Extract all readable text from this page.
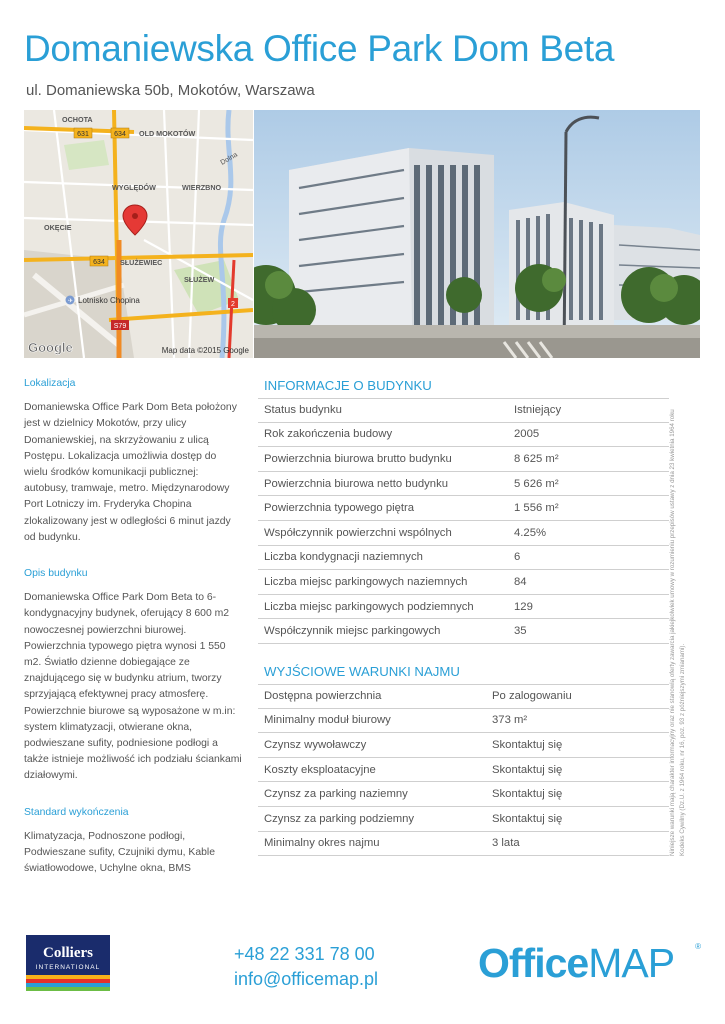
Domaniewska Office Park Dom Beta
ul. Domaniewska 50b, Mokotów, Warszawa
631	634
634
2
S79
OCHOTA
OLD MOKOTÓW
WYGLĘDÓW	WIERZBNO
OKĘCIE
SŁUŻEWIEC
SŁUŻEW
Dolna
✈ Lotnisko Chopina
Google	Map data ©2015 Google
Lokalizacja
Domaniewska Office Park Dom Beta położony jest w dzielnicy Mokotów, przy ulicy Domaniewskiej, na skrzyżowaniu z ulicą Postępu. Lokalizacja umożliwia dostęp do wielu środków komunikacji publicznej: autobusy, tramwaje, metro. Międzynarodowy Port Lotniczy im. Fryderyka Chopina zlokalizowany jest w odległości 6 minut jazdy od budynku.
Opis budynku
Domaniewska Office Park Dom Beta to 6-kondygnacyjny budynek, oferujący 8 600 m2 nowoczesnej powierzchni biurowej. Powierzchnia typowego piętra wynosi 1 550 m2. Światło dzienne dobiegające ze znajdującego się w budynku atrium, tworzy sprzyjającą efektywnej pracy atmosferę. Powierzchnie biurowe są wyposażone w m.in: system klimatyzacji, otwierane okna, podwieszane sufity, podniesione podłogi a także istnieje możliwość ich podziału ściankami działowymi.
Standard wykończenia
Klimatyzacja, Podnoszone podłogi, Podwieszane sufity, Czujniki dymu, Kable światłowodowe, Uchylne okna, BMS
INFORMACJE O BUDYNKU
Status budynku	Istniejący
Rok zakończenia budowy	2005
Powierzchnia biurowa brutto budynku	8 625 m²
Powierzchnia biurowa netto budynku	5 626 m²
Powierzchnia typowego piętra	1 556 m²
Współczynnik powierzchni wspólnych	4.25%
Liczba kondygnacji naziemnych	6
Liczba miejsc parkingowych naziemnych	84
Liczba miejsc parkingowych podziemnych	129
Współczynnik miejsc parkingowych	35
WYJŚCIOWE WARUNKI NAJMU
Dostępna powierzchnia	Po zalogowaniu
Minimalny moduł biurowy	373 m²
Czynsz wywoławczy	Skontaktuj się
Koszty eksploatacyjne	Skontaktuj się
Czynsz za parking naziemny	Skontaktuj się
Czynsz za parking podziemny	Skontaktuj się
Minimalny okres najmu	3 lata	Niniejsze warunki mają charakter informacyjny oraz nie stanowią oferty zawarcia jakiejkolwiek umowy w rozumieniu przepisów ustawy z dnia 23 kwietnia 1964 roku Kodeks Cywilny (Dz.U. z 1964 roku, nr 16, poz. 93 z późniejszymi zmianami).
Colliers
INTERNATIONAL
+48 22 331 78 00
info@officemap.pl OfficeMAP	®
